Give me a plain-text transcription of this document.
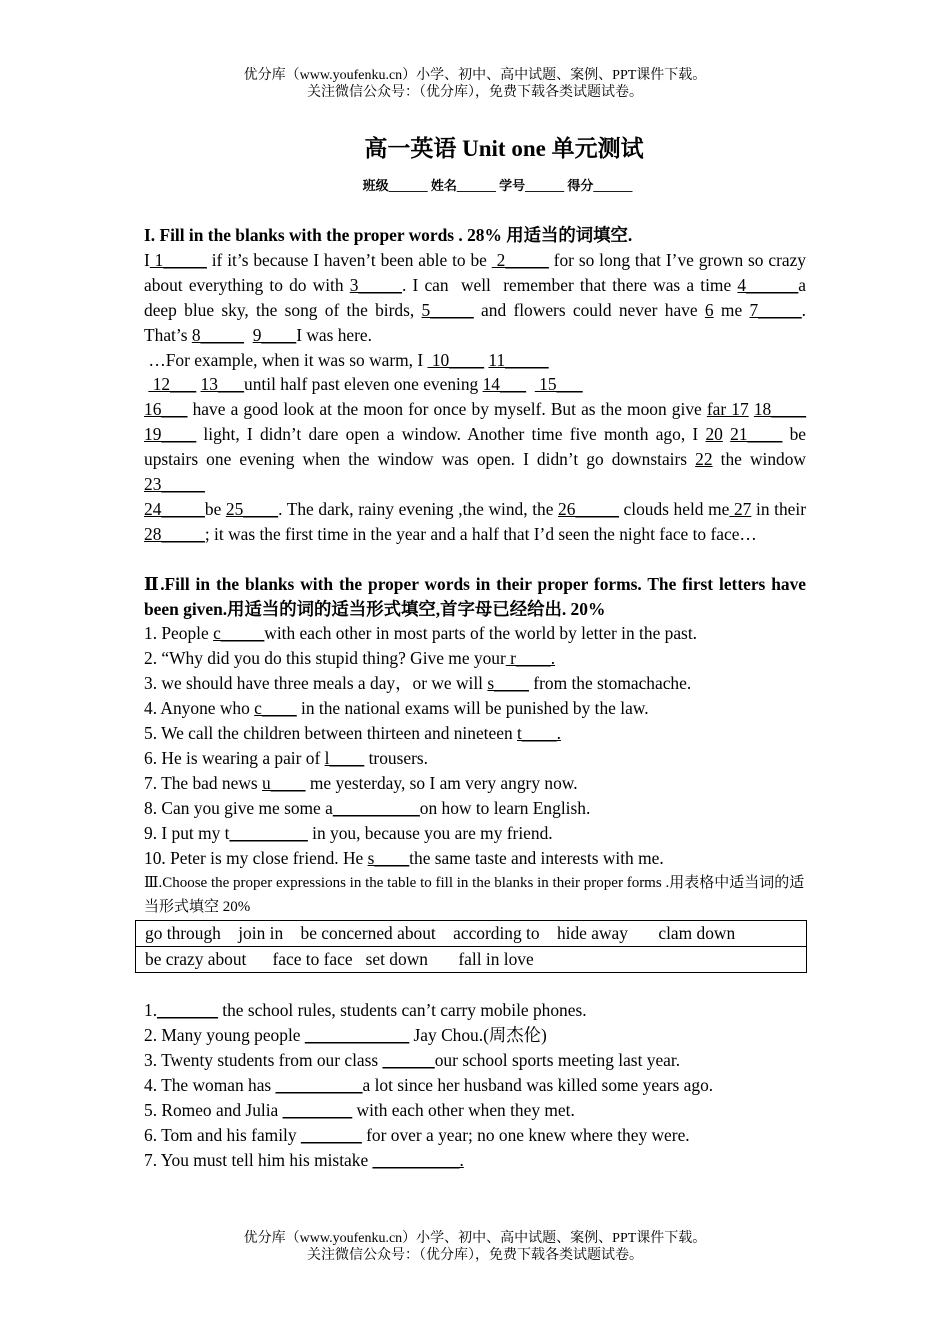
优分库（www.youfenku.cn）小学、初中、高中试题、案例、PPT课件下载。
关注微信公众号：（优分库），免费下载各类试题试卷。
高一英语 Unit one 单元测试
班级______ 姓名______ 学号______ 得分______

I. Fill in the blanks with the proper words . 28% 用适当的词填空.

I 1_____ if it’s because I haven’t been able to be  2_____ for so long that I’ve grown so crazy about everything to do with 3_____. I can  well  remember that there was a time 4______a deep blue sky, the song of the birds, 5_____ and flowers could never have 6 me 7_____. That’s 8_____ 9____I was here.
…For example, when it was so warm, I  10____ 11_____
12___ 13___until half past eleven one evening 14___   15___
16___ have a good look at the moon for once by myself. But as the moon give far 17 18____ 19____ light, I didn’t dare open a window. Another time five month ago, I 20 21____ be upstairs one evening when the window was open. I didn’t go downstairs 22 the window 23_____
24_____be 25____. The dark, rainy evening ,the wind, the 26_____ clouds held me 27 in their 28_____; it was the first time in the year and a half that I’d seen the night face to face…

Ⅱ.Fill in the blanks with the proper words in their proper forms. The first letters have been given.用适当的词的适当形式填空,首字母已经给出. 20%

1. People c_____with each other in most parts of the world by letter in the past.

2. “Why did you do this stupid thing? Give me your r____.

3. we should have three meals a day，or we will s____ from the stomachache.

4. Anyone who c____ in the national exams will be punished by the law.

5. We call the children between thirteen and nineteen t____.

6. He is wearing a pair of l____ trousers.

7. The bad news u____ me yesterday, so I am very angry now.

8. Can you give me some a__________on how to learn English.

9. I put my t_________ in you, because you are my friend.

10. Peter is my close friend. He s____the same taste and interests with me.

Ⅲ.Choose the proper expressions in the table to fill in the blanks in their proper forms .用表格中适当词的适当形式填空 20%

go through    join in    be concerned about    according to    hide away       clam down
be crazy about      face to face   set down       fall in love

1._______ the school rules, students can’t carry mobile phones.

2. Many young people ____________ Jay Chou.(周杰伦)

3. Twenty students from our class ______our school sports meeting last year.

4. The woman has __________a lot since her husband was killed some years ago.

5. Romeo and Julia ________ with each other when they met.

6. Tom and his family _______ for over a year; no one knew where they were.

7. You must tell him his mistake __________.

优分库（www.youfenku.cn）小学、初中、高中试题、案例、PPT课件下载。
关注微信公众号：（优分库），免费下载各类试题试卷。
